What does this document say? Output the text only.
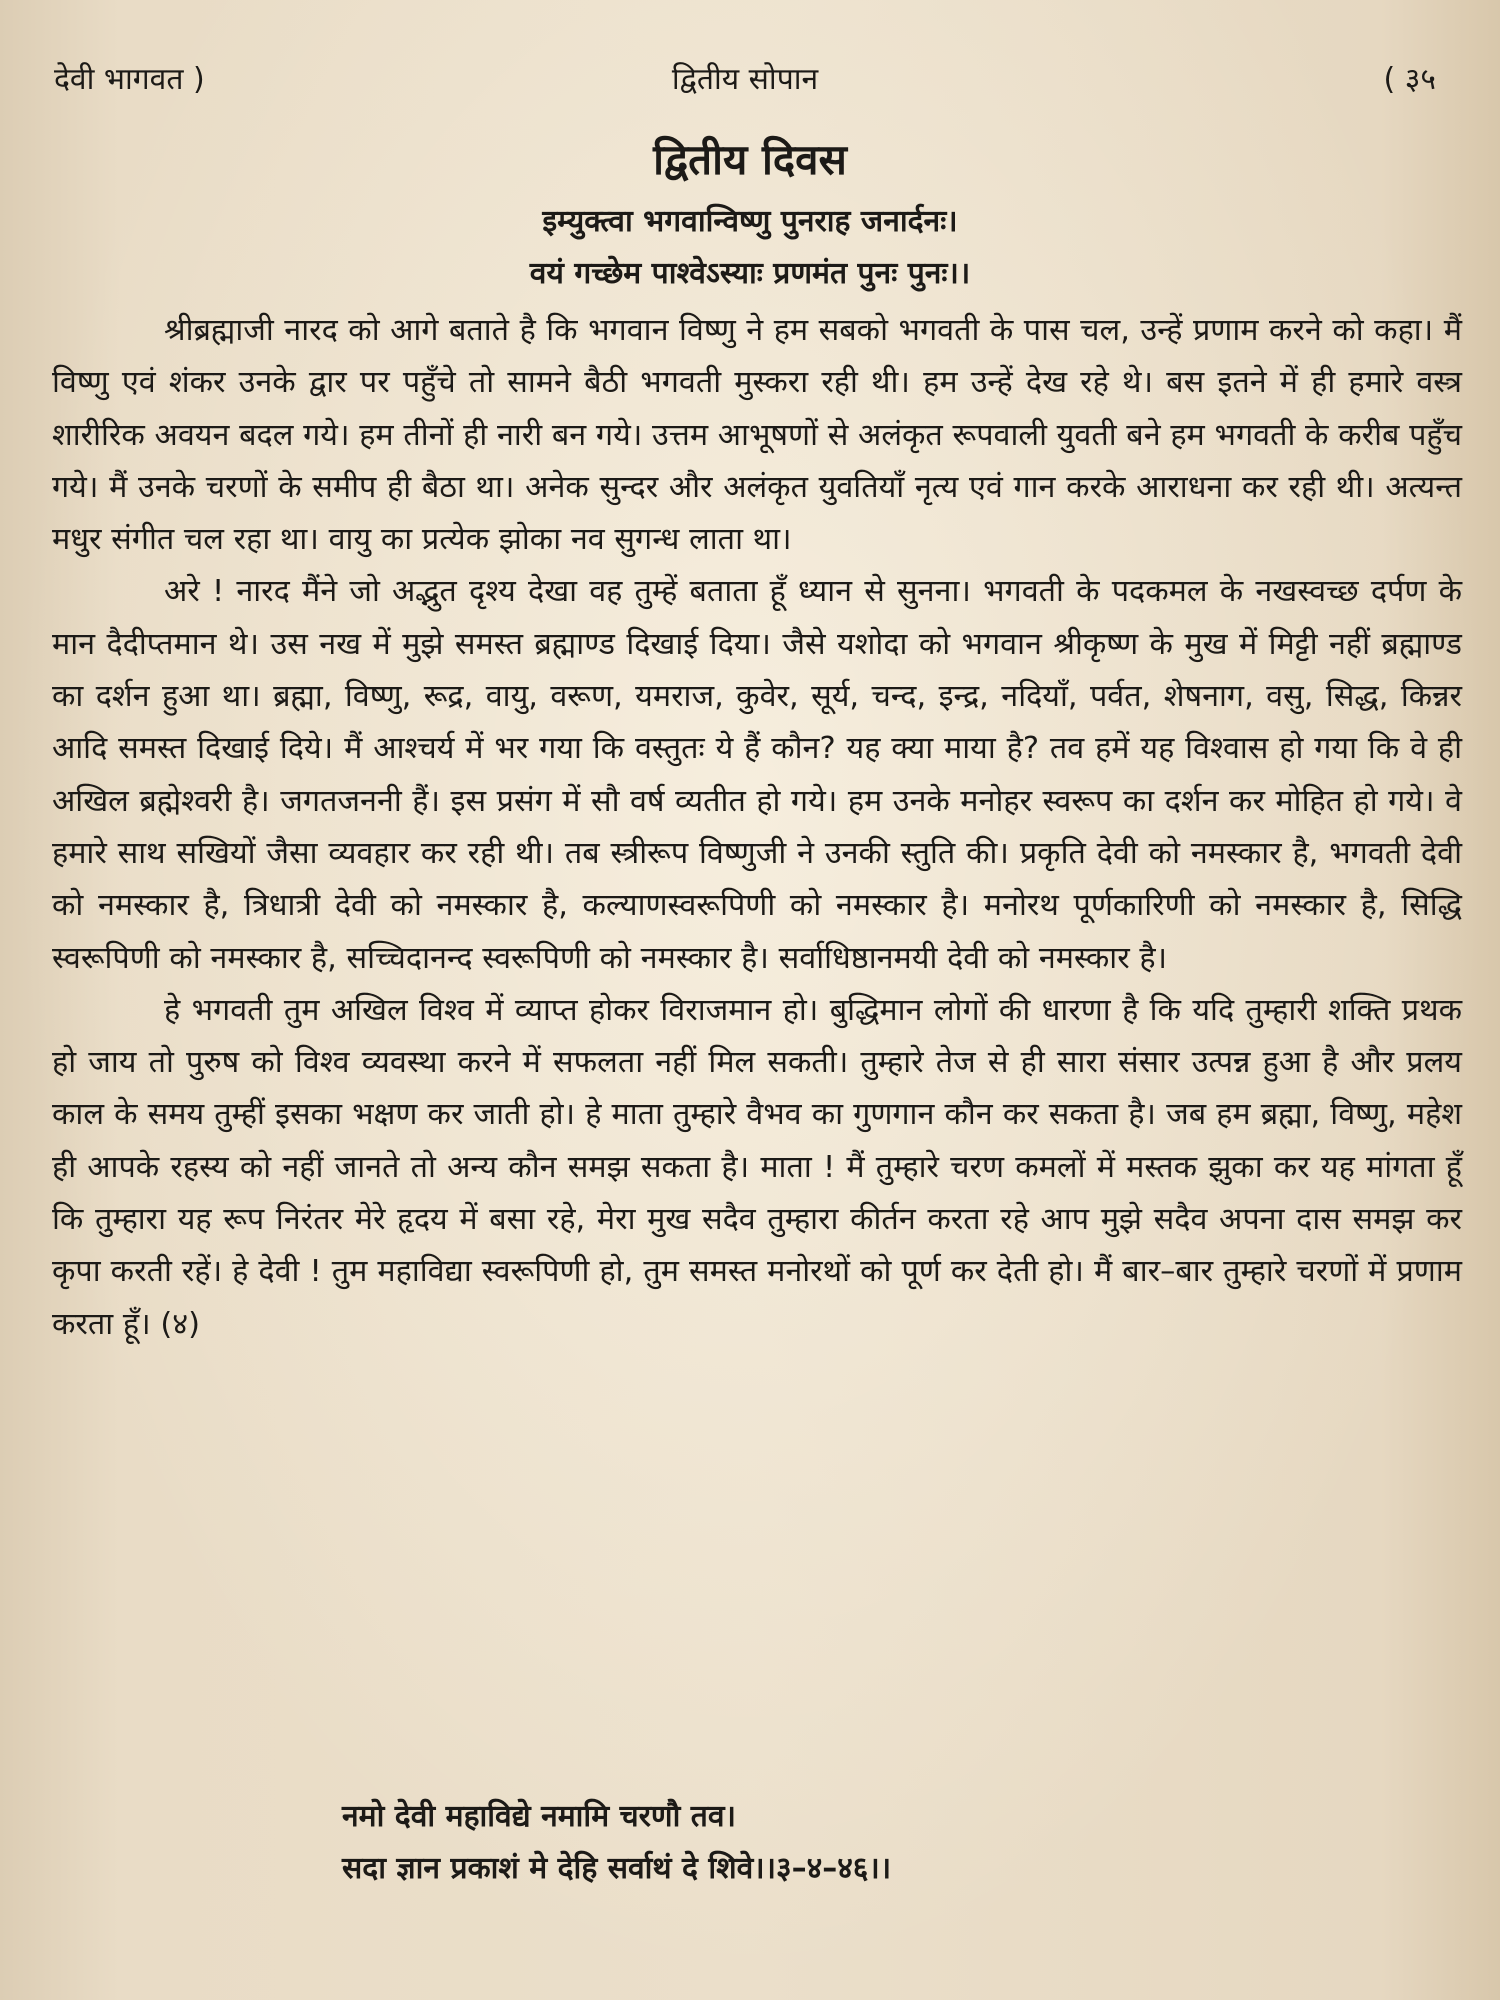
देवी भागवत )	द्वितीय सोपान	( ३५
द्वितीय दिवस
इम्युक्त्वा भगवान्विष्णु पुनराह जनार्दनः।
वयं गच्छेम पाश्वेऽस्याः प्रणमंत पुनः पुनः।।

श्रीब्रह्माजी नारद को आगे बताते है कि भगवान विष्णु ने हम सबको भगवती के पास चल, उन्हें प्रणाम करने को कहा। मैं विष्णु एवं शंकर उनके द्वार पर पहुँचे तो सामने बैठी भगवती मुस्करा रही थी। हम उन्हें देख रहे थे। बस इतने में ही हमारे वस्त्र शारीरिक अवयन बदल गये। हम तीनों ही नारी बन गये। उत्तम आभूषणों से अलंकृत रूपवाली युवती बने हम भगवती के करीब पहुँच गये। मैं उनके चरणों के समीप ही बैठा था। अनेक सुन्दर और अलंकृत युवतियाँ नृत्य एवं गान करके आराधना कर रही थी। अत्यन्त मधुर संगीत चल रहा था। वायु का प्रत्येक झोका नव सुगन्ध लाता था।

अरे ! नारद मैंने जो अद्भुत दृश्य देखा वह तुम्हें बताता हूँ ध्यान से सुनना। भगवती के पदकमल के नखस्वच्छ दर्पण के मान दैदीप्तमान थे। उस नख में मुझे समस्त ब्रह्माण्ड दिखाई दिया। जैसे यशोदा को भगवान श्रीकृष्ण के मुख में मिट्टी नहीं ब्रह्माण्ड का दर्शन हुआ था। ब्रह्मा, विष्णु, रूद्र, वायु, वरूण, यमराज, कुवेर, सूर्य, चन्द, इन्द्र, नदियाँ, पर्वत, शेषनाग, वसु, सिद्ध, किन्नर आदि समस्त दिखाई दिये। मैं आश्चर्य में भर गया कि वस्तुतः ये हैं कौन? यह क्या माया है? तव हमें यह विश्वास हो गया कि वे ही अखिल ब्रह्मेश्वरी है। जगतजननी हैं। इस प्रसंग में सौ वर्ष व्यतीत हो गये। हम उनके मनोहर स्वरूप का दर्शन कर मोहित हो गये। वे हमारे साथ सखियों जैसा व्यवहार कर रही थी। तब स्त्रीरूप विष्णुजी ने उनकी स्तुति की। प्रकृति देवी को नमस्कार है, भगवती देवी को नमस्कार है, त्रिधात्री देवी को नमस्कार है, कल्याणस्वरूपिणी को नमस्कार है। मनोरथ पूर्णकारिणी को नमस्कार है, सिद्धि स्वरूपिणी को नमस्कार है, सच्चिदानन्द स्वरूपिणी को नमस्कार है। सर्वाधिष्ठानमयी देवी को नमस्कार है।

हे भगवती तुम अखिल विश्व में व्याप्त होकर विराजमान हो। बुद्धिमान लोगों की धारणा है कि यदि तुम्हारी शक्ति प्रथक हो जाय तो पुरुष को विश्व व्यवस्था करने में सफलता नहीं मिल सकती। तुम्हारे तेज से ही सारा संसार उत्पन्न हुआ है और प्रलय काल के समय तुम्हीं इसका भक्षण कर जाती हो। हे माता तुम्हारे वैभव का गुणगान कौन कर सकता है। जब हम ब्रह्मा, विष्णु, महेश ही आपके रहस्य को नहीं जानते तो अन्य कौन समझ सकता है। माता ! मैं तुम्हारे चरण कमलों में मस्तक झुका कर यह मांगता हूँ कि तुम्हारा यह रूप निरंतर मेरे हृदय में बसा रहे, मेरा मुख सदैव तुम्हारा कीर्तन करता रहे आप मुझे सदैव अपना दास समझ कर कृपा करती रहें। हे देवी ! तुम महाविद्या स्वरूपिणी हो, तुम समस्त मनोरथों को पूर्ण कर देती हो। मैं बार–बार तुम्हारे चरणों में प्रणाम करता हूँ। (४)

नमो देवी महाविद्ये नमामि चरणौ तव।
सदा ज्ञान प्रकाशं मे देहि सर्वाथं दे शिवे।।३–४–४६।।
